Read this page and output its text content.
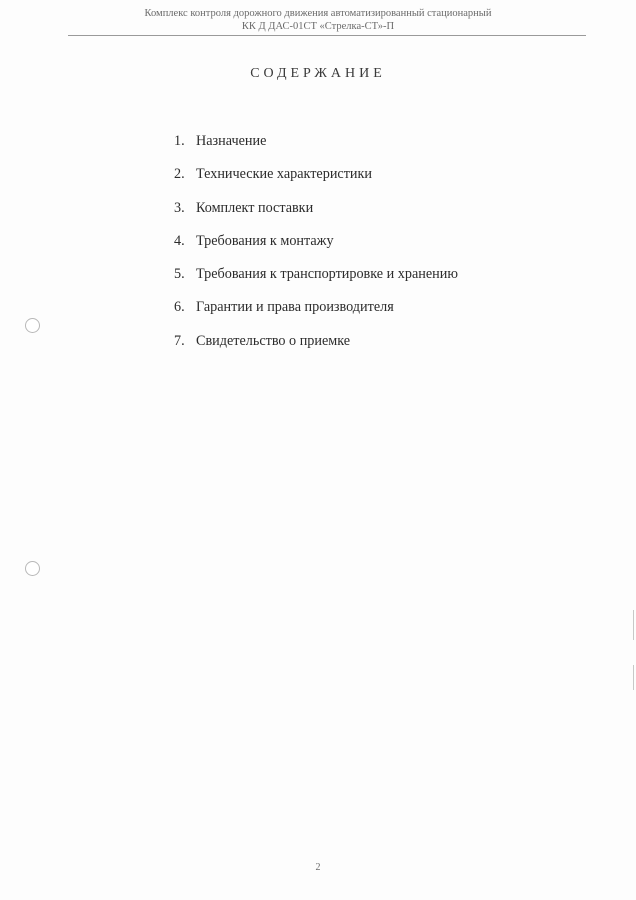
Комплекс контроля дорожного движения автоматизированный стационарный
КК Д ДАС-01СТ «Стрелка-СТ»-П
СОДЕРЖАНИЕ
1. Назначение
2. Технические характеристики
3. Комплект поставки
4. Требования к монтажу
5. Требования к транспортировке и хранению
6. Гарантии и права производителя
7. Свидетельство о приемке
2
